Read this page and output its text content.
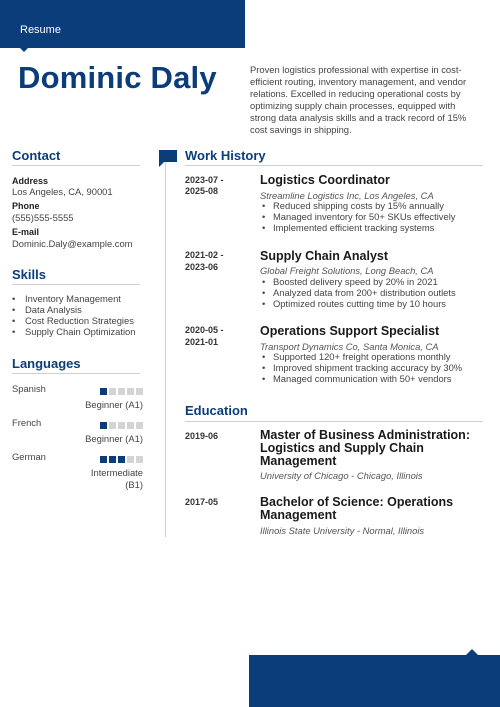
Resume
Dominic Daly	Proven logistics professional with expertise in cost-efficient routing, inventory management, and vendor relations. Excelled in reducing operational costs by optimizing supply chain processes, equipped with strong data analysis skills and a track record of 15% cost savings in shipping.
Contact
Address
Los Angeles, CA, 90001
Phone
(555)555-5555
E-mail
Dominic.Daly@example.com
Skills
• Inventory Management
• Data Analysis
• Cost Reduction Strategies
• Supply Chain Optimization
Languages
Spanish
Beginner (A1)
French
Beginner (A1)
German
Intermediate
(B1)
Work History
2023-07 -
2025-08
Logistics Coordinator
Streamline Logistics Inc, Los Angeles, CA
• Reduced shipping costs by 15% annually
• Managed inventory for 50+ SKUs effectively
• Implemented efficient tracking systems
2021-02 -
2023-06
Supply Chain Analyst
Global Freight Solutions, Long Beach, CA
• Boosted delivery speed by 20% in 2021
• Analyzed data from 200+ distribution outlets
• Optimized routes cutting time by 10 hours
2020-05 -
2021-01
Operations Support Specialist
Transport Dynamics Co, Santa Monica, CA
• Supported 120+ freight operations monthly
• Improved shipment tracking accuracy by 30%
• Managed communication with 50+ vendors
Education
2019-06	Master of Business Administration:
Logistics and Supply Chain
Management
University of Chicago - Chicago, Illinois
2017-05	Bachelor of Science: Operations
Management
Illinois State University - Normal, Illinois
